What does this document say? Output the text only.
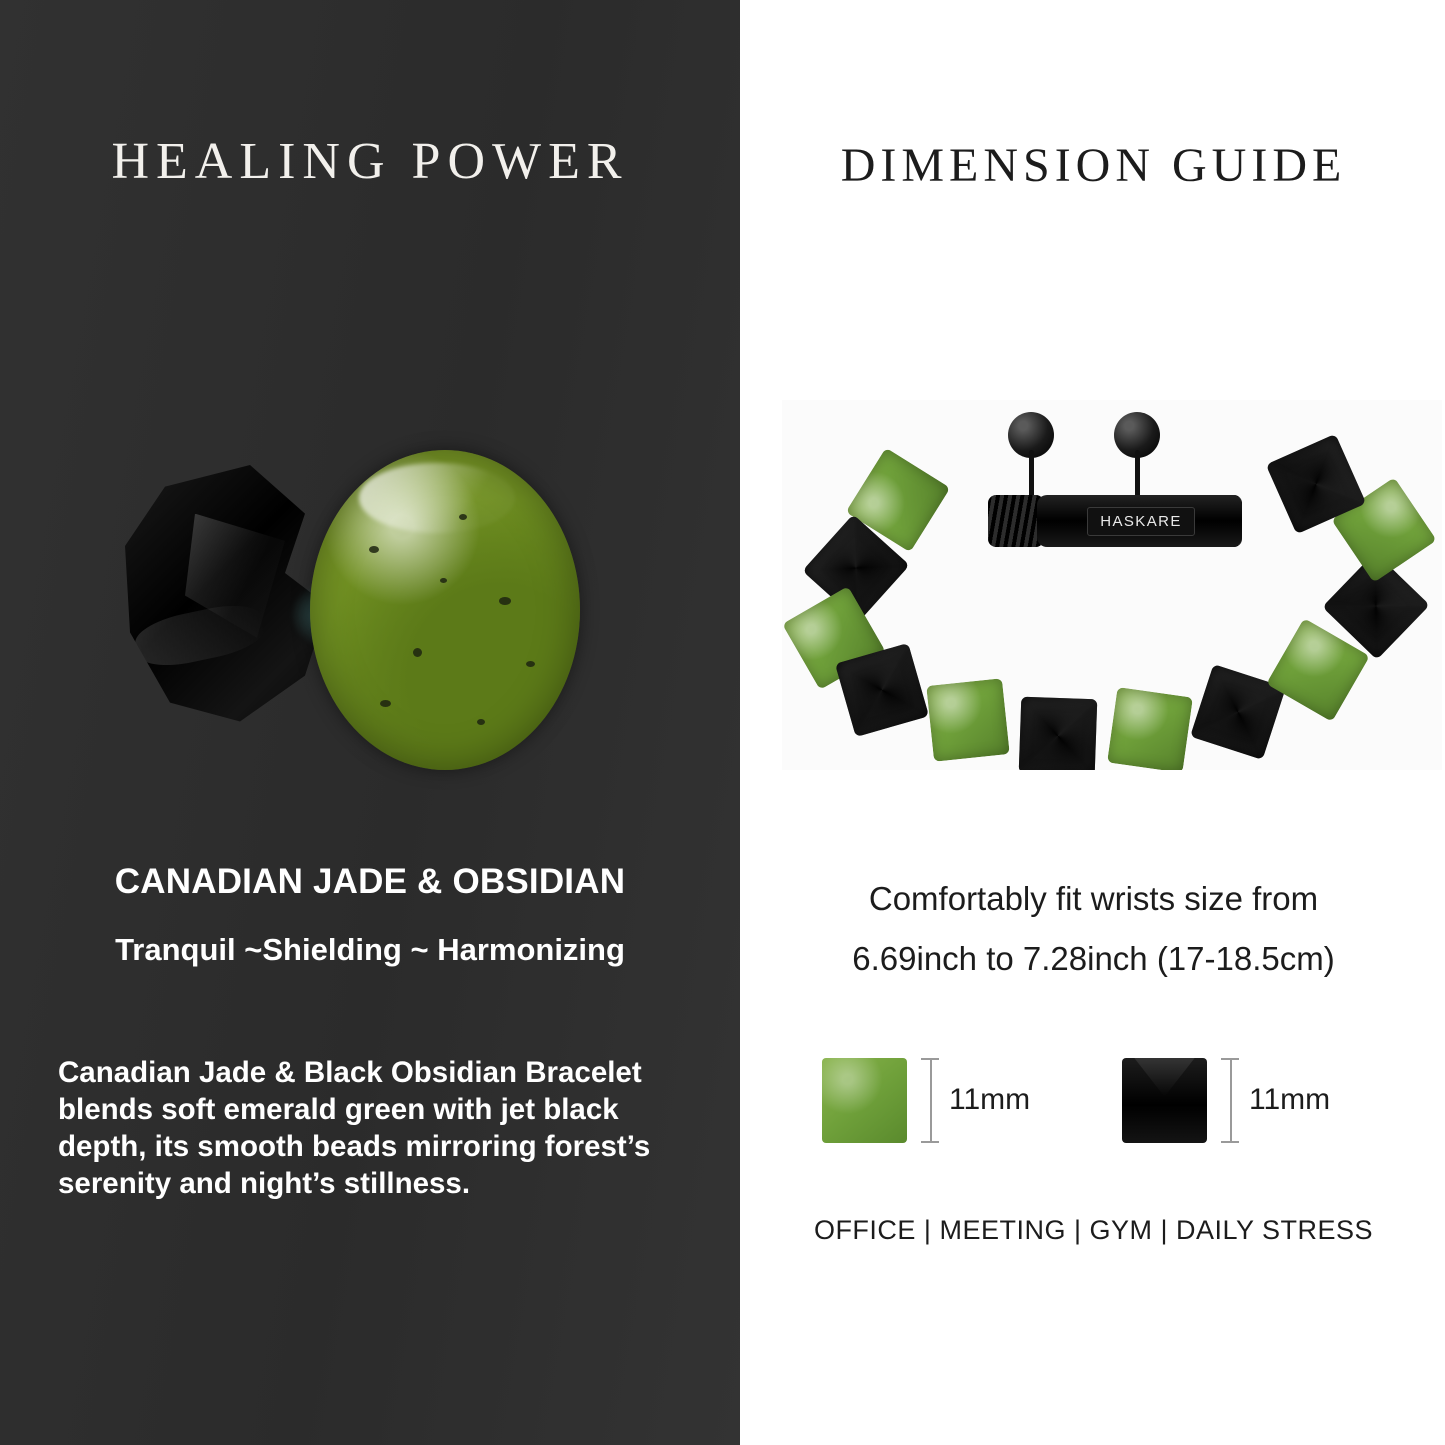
HEALING POWER
CANADIAN JADE & OBSIDIAN
Tranquil ~Shielding ~ Harmonizing
Canadian Jade & Black Obsidian Bracelet blends soft emerald green with jet black depth, its smooth beads mirroring forest’s serenity and night’s stillness.
DIMENSION GUIDE
HASKARE
Comfortably fit wrists size from
6.69inch to 7.28inch (17-18.5cm)
11mm	11mm
OFFICE | MEETING | GYM | DAILY STRESS
